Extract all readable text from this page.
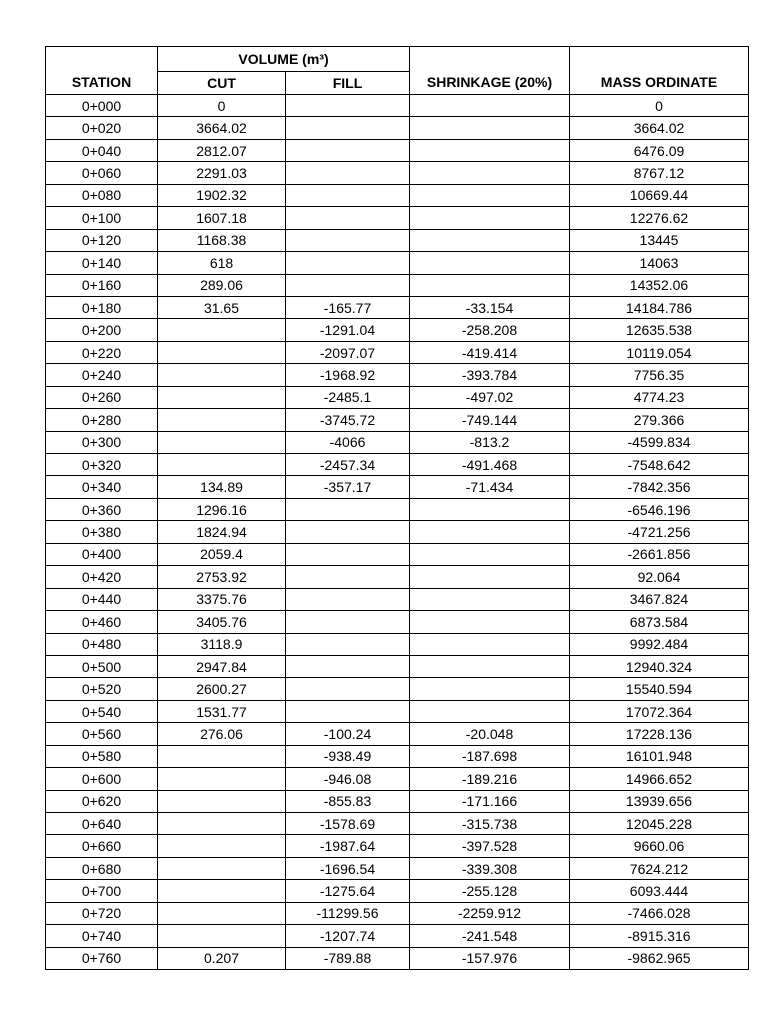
STATION	VOLUME (m³)		SHRINKAGE (20%)	MASS ORDINATE
	CUT	FILL		
0+000	0			0
0+020	3664.02			3664.02
0+040	2812.07			6476.09
0+060	2291.03			8767.12
0+080	1902.32			10669.44
0+100	1607.18			12276.62
0+120	1168.38			13445
0+140	618			14063
0+160	289.06			14352.06
0+180	31.65	-165.77	-33.154	14184.786
0+200		-1291.04	-258.208	12635.538
0+220		-2097.07	-419.414	10119.054
0+240		-1968.92	-393.784	7756.35
0+260		-2485.1	-497.02	4774.23
0+280		-3745.72	-749.144	279.366
0+300		-4066	-813.2	-4599.834
0+320		-2457.34	-491.468	-7548.642
0+340	134.89	-357.17	-71.434	-7842.356
0+360	1296.16			-6546.196
0+380	1824.94			-4721.256
0+400	2059.4			-2661.856
0+420	2753.92			92.064
0+440	3375.76			3467.824
0+460	3405.76			6873.584
0+480	3118.9			9992.484
0+500	2947.84			12940.324
0+520	2600.27			15540.594
0+540	1531.77			17072.364
0+560	276.06	-100.24	-20.048	17228.136
0+580		-938.49	-187.698	16101.948
0+600		-946.08	-189.216	14966.652
0+620		-855.83	-171.166	13939.656
0+640		-1578.69	-315.738	12045.228
0+660		-1987.64	-397.528	9660.06
0+680		-1696.54	-339.308	7624.212
0+700		-1275.64	-255.128	6093.444
0+720		-11299.56	-2259.912	-7466.028
0+740		-1207.74	-241.548	-8915.316
0+760	0.207	-789.88	-157.976	-9862.965
